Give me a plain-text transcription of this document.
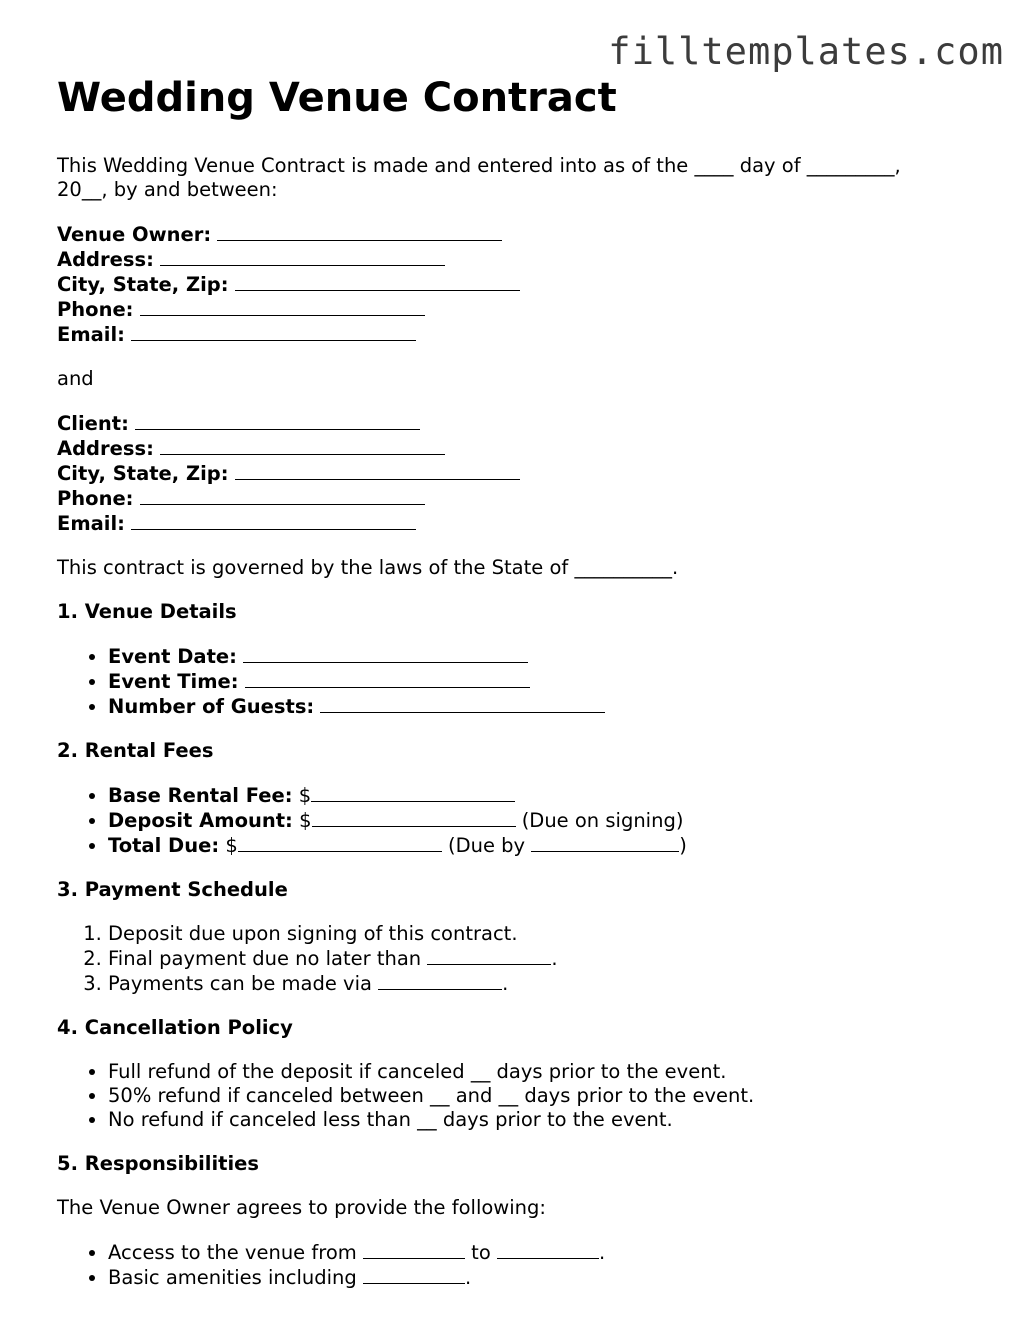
filltemplates.com
Wedding Venue Contract

This Wedding Venue Contract is made and entered into as of the ____ day of _________,
20__, by and between:

Venue Owner:
Address:
City, State, Zip:
Phone:
Email:

and

Client:
Address:
City, State, Zip:
Phone:
Email:

This contract is governed by the laws of the State of __________.

1. Venue Details
• Event Date:
• Event Time:
• Number of Guests:
2. Rental Fees
• Base Rental Fee: $
• Deposit Amount: $	(Due on signing)
• Total Due: $	(Due by	)
3. Payment Schedule
1. Deposit due upon signing of this contract.
2. Final payment due no later than	.
3. Payments can be made via	.
4. Cancellation Policy
• Full refund of the deposit if canceled __ days prior to the event.
• 50% refund if canceled between __ and __ days prior to the event.
• No refund if canceled less than __ days prior to the event.
5. Responsibilities

The Venue Owner agrees to provide the following:

• Access to the venue from	to	.
• Basic amenities including	.
